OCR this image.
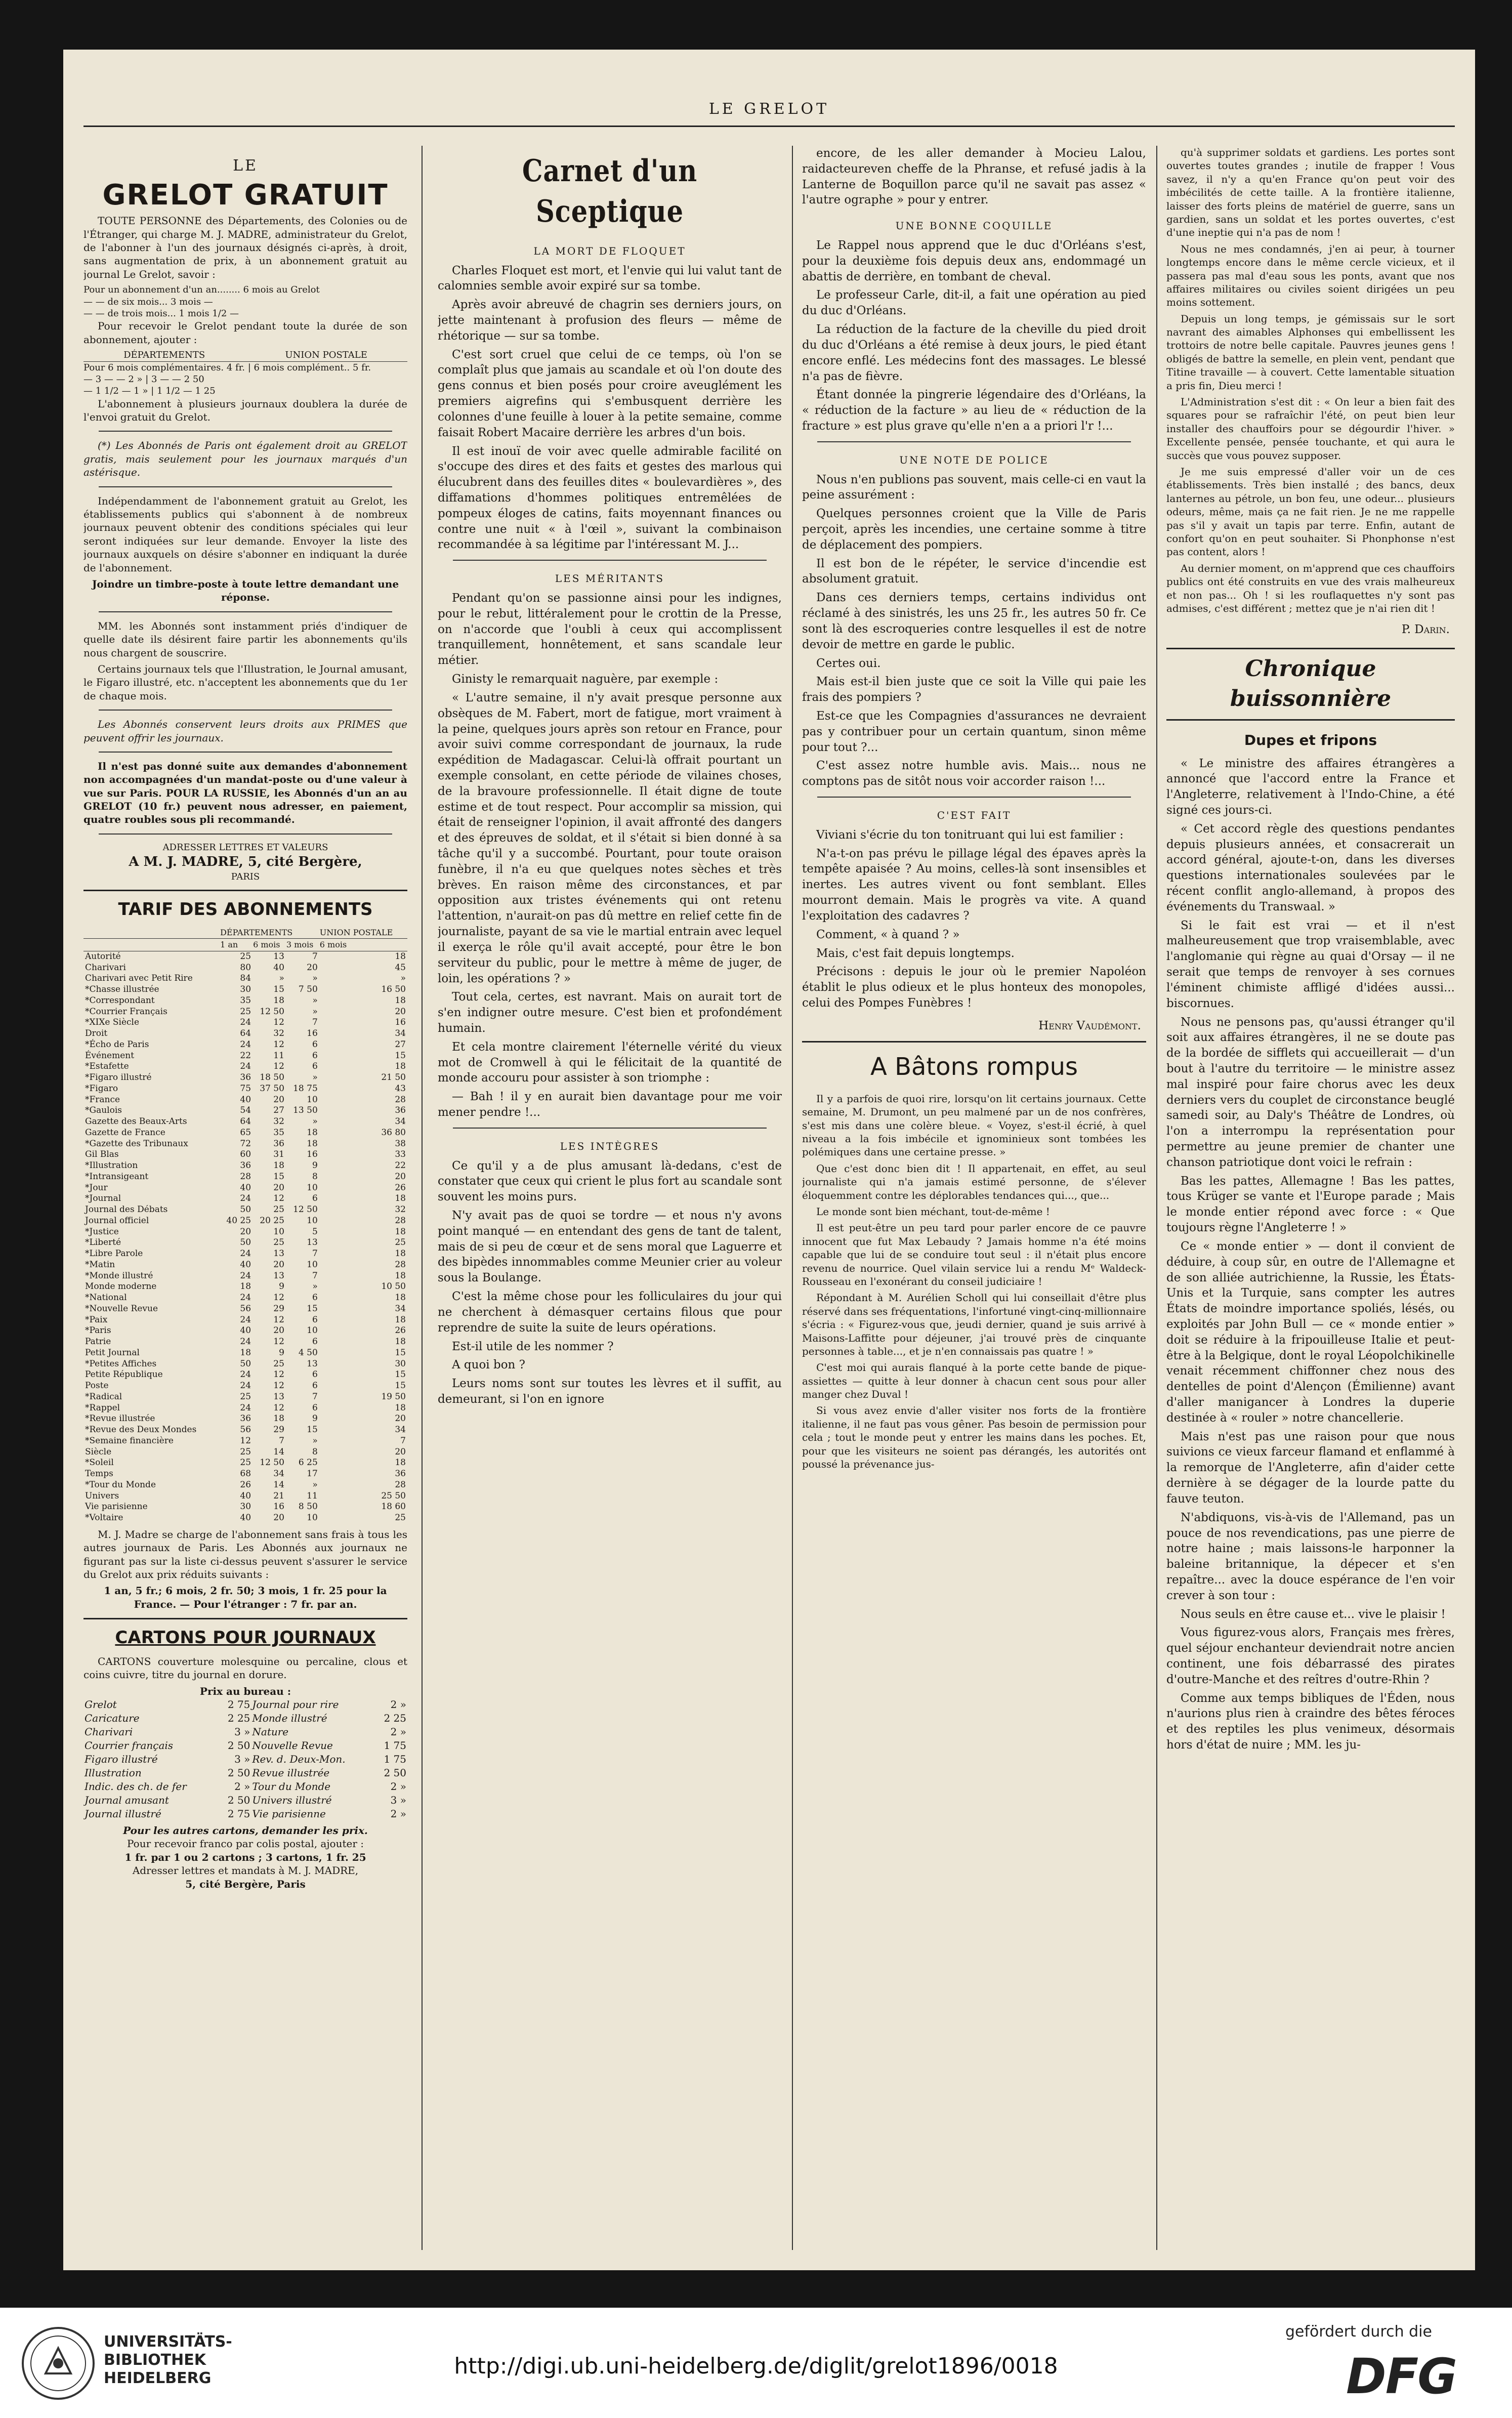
LE GRELOT
LE
GRELOT GRATUIT

TOUTE PERSONNE des Départements, des Colonies ou de l'Étranger, qui charge M. J. MADRE, administrateur du Grelot, de l'abonner à l'un des journaux désignés ci-après, à droit, sans augmentation de prix, à un abonnement gratuit au journal Le Grelot, savoir :

Pour un abonnement d'un an........ 6 mois au Grelot
— — de six mois... 3 mois —
— — de trois mois... 1 mois 1/2 —

Pour recevoir le Grelot pendant toute la durée de son abonnement, ajouter :

DÉPARTEMENTS	UNION POSTALE
Pour 6 mois complémentaires. 4 fr. | 6 mois complément.. 5 fr.
— 3 — — 2 » | 3 — — 2 50
— 1 1/2 — 1 » | 1 1/2 — 1 25

L'abonnement à plusieurs journaux doublera la durée de l'envoi gratuit du Grelot.

(*) Les Abonnés de Paris ont également droit au GRELOT gratis, mais seulement pour les journaux marqués d'un astérisque.

Indépendamment de l'abonnement gratuit au Grelot, les établissements publics qui s'abonnent à de nombreux journaux peuvent obtenir des conditions spéciales qui leur seront indiquées sur leur demande. Envoyer la liste des journaux auxquels on désire s'abonner en indiquant la durée de l'abonnement.

Joindre un timbre-poste à toute lettre demandant une réponse.

MM. les Abonnés sont instamment priés d'indiquer de quelle date ils désirent faire partir les abonnements qu'ils nous chargent de souscrire.

Certains journaux tels que l'Illustration, le Journal amusant, le Figaro illustré, etc. n'acceptent les abonnements que du 1er de chaque mois.

Les Abonnés conservent leurs droits aux PRIMES que peuvent offrir les journaux.

Il n'est pas donné suite aux demandes d'abonnement non accompagnées d'un mandat-poste ou d'une valeur à vue sur Paris. POUR LA RUSSIE, les Abonnés d'un an au GRELOT (10 fr.) peuvent nous adresser, en paiement, quatre roubles sous pli recommandé.

ADRESSER LETTRES ET VALEURS
A M. J. MADRE, 5, cité Bergère,
PARIS
TARIF DES ABONNEMENTS
	DÉPARTEMENTS			UNION POSTALE
	1 an	6 mois	3 mois	6 mois
Autorité	25	13	7	18
Charivari	80	40	20	45
Charivari avec Petit Rire	84	»	»	»
*Chasse illustrée	30	15	7 50	16 50
*Correspondant	35	18	»	18
*Courrier Français	25	12 50	»	20
*XIXe Siècle	24	12	7	16
Droit	64	32	16	34
*Écho de Paris	24	12	6	27
Événement	22	11	6	15
*Estafette	24	12	6	18
*Figaro illustré	36	18 50	»	21 50
*Figaro	75	37 50	18 75	43
*France	40	20	10	28
*Gaulois	54	27	13 50	36
Gazette des Beaux-Arts	64	32	»	34
Gazette de France	65	35	18	36 80
*Gazette des Tribunaux	72	36	18	38
Gil Blas	60	31	16	33
*Illustration	36	18	9	22
*Intransigeant	28	15	8	20
*Jour	40	20	10	26
*Journal	24	12	6	18
Journal des Débats	50	25	12 50	32
Journal officiel	40 25	20 25	10	28
*Justice	20	10	5	18
*Liberté	50	25	13	25
*Libre Parole	24	13	7	18
*Matin	40	20	10	28
*Monde illustré	24	13	7	18
Monde moderne	18	9	»	10 50
*National	24	12	6	18
*Nouvelle Revue	56	29	15	34
*Paix	24	12	6	18
*Paris	40	20	10	26
Patrie	24	12	6	18
Petit Journal	18	9	4 50	15
*Petites Affiches	50	25	13	30
Petite République	24	12	6	15
Poste	24	12	6	15
*Radical	25	13	7	19 50
*Rappel	24	12	6	18
*Revue illustrée	36	18	9	20
*Revue des Deux Mondes	56	29	15	34
*Semaine financière	12	7	»	7
Siècle	25	14	8	20
*Soleil	25	12 50	6 25	18
Temps	68	34	17	36
*Tour du Monde	26	14	»	28
Univers	40	21	11	25 50
Vie parisienne	30	16	8 50	18 60
*Voltaire	40	20	10	25

M. J. Madre se charge de l'abonnement sans frais à tous les autres journaux de Paris. Les Abonnés aux journaux ne figurant pas sur la liste ci-dessus peuvent s'assurer le service du Grelot aux prix réduits suivants :

1 an, 5 fr.; 6 mois, 2 fr. 50; 3 mois, 1 fr. 25 pour la France. — Pour l'étranger : 7 fr. par an.

CARTONS POUR JOURNAUX

CARTONS couverture molesquine ou percaline, clous et coins cuivre, titre du journal en dorure.

Prix au bureau :
Grelot	2 75	Journal pour rire	2 »
Caricature	2 25	Monde illustré	2 25
Charivari	3 »	Nature	2 »
Courrier français	2 50	Nouvelle Revue	1 75
Figaro illustré	3 »	Rev. d. Deux-Mon.	1 75
Illustration	2 50	Revue illustrée	2 50
Indic. des ch. de fer	2 »	Tour du Monde	2 »
Journal amusant	2 50	Univers illustré	3 »
Journal illustré	2 75	Vie parisienne	2 »
Pour les autres cartons, demander les prix.
Pour recevoir franco par colis postal, ajouter :
1 fr. par 1 ou 2 cartons ; 3 cartons, 1 fr. 25
Adresser lettres et mandats à M. J. MADRE,
5, cité Bergère, Paris
Carnet d'un Sceptique
LA MORT DE FLOQUET

Charles Floquet est mort, et l'envie qui lui valut tant de calomnies semble avoir expiré sur sa tombe.

Après avoir abreuvé de chagrin ses derniers jours, on jette maintenant à profusion des fleurs — même de rhétorique — sur sa tombe.

C'est sort cruel que celui de ce temps, où l'on se complaît plus que jamais au scandale et où l'on doute des gens connus et bien posés pour croire aveuglément les premiers aigrefins qui s'embusquent derrière les colonnes d'une feuille à louer à la petite semaine, comme faisait Robert Macaire derrière les arbres d'un bois.

Il est inouï de voir avec quelle admirable facilité on s'occupe des dires et des faits et gestes des marlous qui élucubrent dans des feuilles dites « boulevardières », des diffamations d'hommes politiques entremêlées de pompeux éloges de catins, faits moyennant finances ou contre une nuit « à l'œil », suivant la combinaison recommandée à sa légitime par l'intéressant M. J...

LES MÉRITANTS

Pendant qu'on se passionne ainsi pour les indignes, pour le rebut, littéralement pour le crottin de la Presse, on n'accorde que l'oubli à ceux qui accomplissent tranquillement, honnêtement, et sans scandale leur métier.

Ginisty le remarquait naguère, par exemple :

« L'autre semaine, il n'y avait presque personne aux obsèques de M. Fabert, mort de fatigue, mort vraiment à la peine, quelques jours après son retour en France, pour avoir suivi comme correspondant de journaux, la rude expédition de Madagascar. Celui-là offrait pourtant un exemple consolant, en cette période de vilaines choses, de la bravoure professionnelle. Il était digne de toute estime et de tout respect. Pour accomplir sa mission, qui était de renseigner l'opinion, il avait affronté des dangers et des épreuves de soldat, et il s'était si bien donné à sa tâche qu'il y a succombé. Pourtant, pour toute oraison funèbre, il n'a eu que quelques notes sèches et très brèves. En raison même des circonstances, et par opposition aux tristes événements qui ont retenu l'attention, n'aurait-on pas dû mettre en relief cette fin de journaliste, payant de sa vie le martial entrain avec lequel il exerça le rôle qu'il avait accepté, pour être le bon serviteur du public, pour le mettre à même de juger, de loin, les opérations ? »

Tout cela, certes, est navrant. Mais on aurait tort de s'en indigner outre mesure. C'est bien et profondément humain.

Et cela montre clairement l'éternelle vérité du vieux mot de Cromwell à qui le félicitait de la quantité de monde accouru pour assister à son triomphe :

— Bah ! il y en aurait bien davantage pour me voir mener pendre !...

LES INTÈGRES

Ce qu'il y a de plus amusant là-dedans, c'est de constater que ceux qui crient le plus fort au scandale sont souvent les moins purs.

N'y avait pas de quoi se tordre — et nous n'y avons point manqué — en entendant des gens de tant de talent, mais de si peu de cœur et de sens moral que Laguerre et des bipèdes innommables comme Meunier crier au voleur sous la Boulange.

C'est la même chose pour les folliculaires du jour qui ne cherchent à démasquer certains filous que pour reprendre de suite la suite de leurs opérations.

Est-il utile de les nommer ?

A quoi bon ?

Leurs noms sont sur toutes les lèvres et il suffit, au demeurant, si l'on en ignore

encore, de les aller demander à Mocieu Lalou, raidacteureven cheffe de la Phranse, et refusé jadis à la Lanterne de Boquillon parce qu'il ne savait pas assez « l'autre ographe » pour y entrer.

UNE BONNE COQUILLE

Le Rappel nous apprend que le duc d'Orléans s'est, pour la deuxième fois depuis deux ans, endommagé un abattis de derrière, en tombant de cheval.

Le professeur Carle, dit-il, a fait une opération au pied du duc d'Orléans.

La réduction de la facture de la cheville du pied droit du duc d'Orléans a été remise à deux jours, le pied étant encore enflé. Les médecins font des massages. Le blessé n'a pas de fièvre.

Étant donnée la pingrerie légendaire des d'Orléans, la « réduction de la facture » au lieu de « réduction de la fracture » est plus grave qu'elle n'en a a priori l'r !...

UNE NOTE DE POLICE

Nous n'en publions pas souvent, mais celle-ci en vaut la peine assurément :

Quelques personnes croient que la Ville de Paris perçoit, après les incendies, une certaine somme à titre de déplacement des pompiers.

Il est bon de le répéter, le service d'incendie est absolument gratuit.

Dans ces derniers temps, certains individus ont réclamé à des sinistrés, les uns 25 fr., les autres 50 fr. Ce sont là des escroqueries contre lesquelles il est de notre devoir de mettre en garde le public.

Certes oui.

Mais est-il bien juste que ce soit la Ville qui paie les frais des pompiers ?

Est-ce que les Compagnies d'assurances ne devraient pas y contribuer pour un certain quantum, sinon même pour tout ?...

C'est assez notre humble avis. Mais... nous ne comptons pas de sitôt nous voir accorder raison !...

C'EST FAIT

Viviani s'écrie du ton tonitruant qui lui est familier :

N'a-t-on pas prévu le pillage légal des épaves après la tempête apaisée ? Au moins, celles-là sont insensibles et inertes. Les autres vivent ou font semblant. Elles mourront demain. Mais le progrès va vite. A quand l'exploitation des cadavres ?

Comment, « à quand ? »

Mais, c'est fait depuis longtemps.

Précisons : depuis le jour où le premier Napoléon établit le plus odieux et le plus honteux des monopoles, celui des Pompes Funèbres !

Henry Vaudémont.
A Bâtons rompus

Il y a parfois de quoi rire, lorsqu'on lit certains journaux. Cette semaine, M. Drumont, un peu malmené par un de nos confrères, s'est mis dans une colère bleue. « Voyez, s'est-il écrié, à quel niveau a la fois imbécile et ignominieux sont tombées les polémiques dans une certaine presse. »

Que c'est donc bien dit ! Il appartenait, en effet, au seul journaliste qui n'a jamais estimé personne, de s'élever éloquemment contre les déplorables tendances qui..., que...

Le monde sont bien méchant, tout-de-même !

Il est peut-être un peu tard pour parler encore de ce pauvre innocent que fut Max Lebaudy ? Jamais homme n'a été moins capable que lui de se conduire tout seul : il n'était plus encore revenu de nourrice. Quel vilain service lui a rendu Mᵉ Waldeck-Rousseau en l'exonérant du conseil judiciaire !

Répondant à M. Aurélien Scholl qui lui conseillait d'être plus réservé dans ses fréquentations, l'infortuné vingt-cinq-millionnaire s'écria : « Figurez-vous que, jeudi dernier, quand je suis arrivé à Maisons-Laffitte pour déjeuner, j'ai trouvé près de cinquante personnes à table..., et je n'en connaissais pas quatre ! »

C'est moi qui aurais flanqué à la porte cette bande de pique-assiettes — quitte à leur donner à chacun cent sous pour aller manger chez Duval !

Si vous avez envie d'aller visiter nos forts de la frontière italienne, il ne faut pas vous gêner. Pas besoin de permission pour cela ; tout le monde peut y entrer les mains dans les poches. Et, pour que les visiteurs ne soient pas dérangés, les autorités ont poussé la prévenance jus-

qu'à supprimer soldats et gardiens. Les portes sont ouvertes toutes grandes ; inutile de frapper ! Vous savez, il n'y a qu'en France qu'on peut voir des imbécilités de cette taille. A la frontière italienne, laisser des forts pleins de matériel de guerre, sans un gardien, sans un soldat et les portes ouvertes, c'est d'une ineptie qui n'a pas de nom !

Nous ne mes condamnés, j'en ai peur, à tourner longtemps encore dans le même cercle vicieux, et il passera pas mal d'eau sous les ponts, avant que nos affaires militaires ou civiles soient dirigées un peu moins sottement.

Depuis un long temps, je gémissais sur le sort navrant des aimables Alphonses qui embellissent les trottoirs de notre belle capitale. Pauvres jeunes gens ! obligés de battre la semelle, en plein vent, pendant que Titine travaille — à couvert. Cette lamentable situation a pris fin, Dieu merci !

L'Administration s'est dit : « On leur a bien fait des squares pour se rafraîchir l'été, on peut bien leur installer des chauffoirs pour se dégourdir l'hiver. » Excellente pensée, pensée touchante, et qui aura le succès que vous pouvez supposer.

Je me suis empressé d'aller voir un de ces établissements. Très bien installé ; des bancs, deux lanternes au pétrole, un bon feu, une odeur... plusieurs odeurs, même, mais ça ne fait rien. Je ne me rappelle pas s'il y avait un tapis par terre. Enfin, autant de confort qu'on en peut souhaiter. Si Phonphonse n'est pas content, alors !

Au dernier moment, on m'apprend que ces chauffoirs publics ont été construits en vue des vrais malheureux et non pas... Oh ! si les rouflaquettes n'y sont pas admises, c'est différent ; mettez que je n'ai rien dit !

P. Darin.
Chronique buissonnière
Dupes et fripons

« Le ministre des affaires étrangères a annoncé que l'accord entre la France et l'Angleterre, relativement à l'Indo-Chine, a été signé ces jours-ci.

« Cet accord règle des questions pendantes depuis plusieurs années, et consacrerait un accord général, ajoute-t-on, dans les diverses questions internationales soulevées par le récent conflit anglo-allemand, à propos des événements du Transwaal. »

Si le fait est vrai — et il n'est malheureusement que trop vraisemblable, avec l'anglomanie qui règne au quai d'Orsay — il ne serait que temps de renvoyer à ses cornues l'éminent chimiste affligé d'idées aussi... biscornues.

Nous ne pensons pas, qu'aussi étranger qu'il soit aux affaires étrangères, il ne se doute pas de la bordée de sifflets qui accueillerait — d'un bout à l'autre du territoire — le ministre assez mal inspiré pour faire chorus avec les deux derniers vers du couplet de circonstance beuglé samedi soir, au Daly's Théâtre de Londres, où l'on a interrompu la représentation pour permettre au jeune premier de chanter une chanson patriotique dont voici le refrain :

Bas les pattes, Allemagne ! Bas les pattes, tous Krüger se vante et l'Europe parade ; Mais le monde entier répond avec force : « Que toujours règne l'Angleterre ! »

Ce « monde entier » — dont il convient de déduire, à coup sûr, en outre de l'Allemagne et de son alliée autrichienne, la Russie, les États-Unis et la Turquie, sans compter les autres États de moindre importance spoliés, lésés, ou exploités par John Bull — ce « monde entier » doit se réduire à la fripouilleuse Italie et peut-être à la Belgique, dont le royal Léopolchikinelle venait récemment chiffonner chez nous des dentelles de point d'Alençon (Émilienne) avant d'aller manigancer à Londres la duperie destinée à « rouler » notre chancellerie.

Mais n'est pas une raison pour que nous suivions ce vieux farceur flamand et enflammé à la remorque de l'Angleterre, afin d'aider cette dernière à se dégager de la lourde patte du fauve teuton.

N'abdiquons, vis-à-vis de l'Allemand, pas un pouce de nos revendications, pas une pierre de notre haine ; mais laissons-le harponner la baleine britannique, la dépecer et s'en repaître... avec la douce espérance de l'en voir crever à son tour :

Nous seuls en être cause et... vive le plaisir !

Vous figurez-vous alors, Français mes frères, quel séjour enchanteur deviendrait notre ancien continent, une fois débarrassé des pirates d'outre-Manche et des reîtres d'outre-Rhin ?

Comme aux temps bibliques de l'Éden, nous n'aurions plus rien à craindre des bêtes féroces et des reptiles les plus venimeux, désormais hors d'état de nuire ; MM. les ju-

UNIVERSITÄTS-
BIBLIOTHEK
HEIDELBERG	http://digi.ub.uni-heidelberg.de/diglit/grelot1896/0018
gefördert durch die
DFG
